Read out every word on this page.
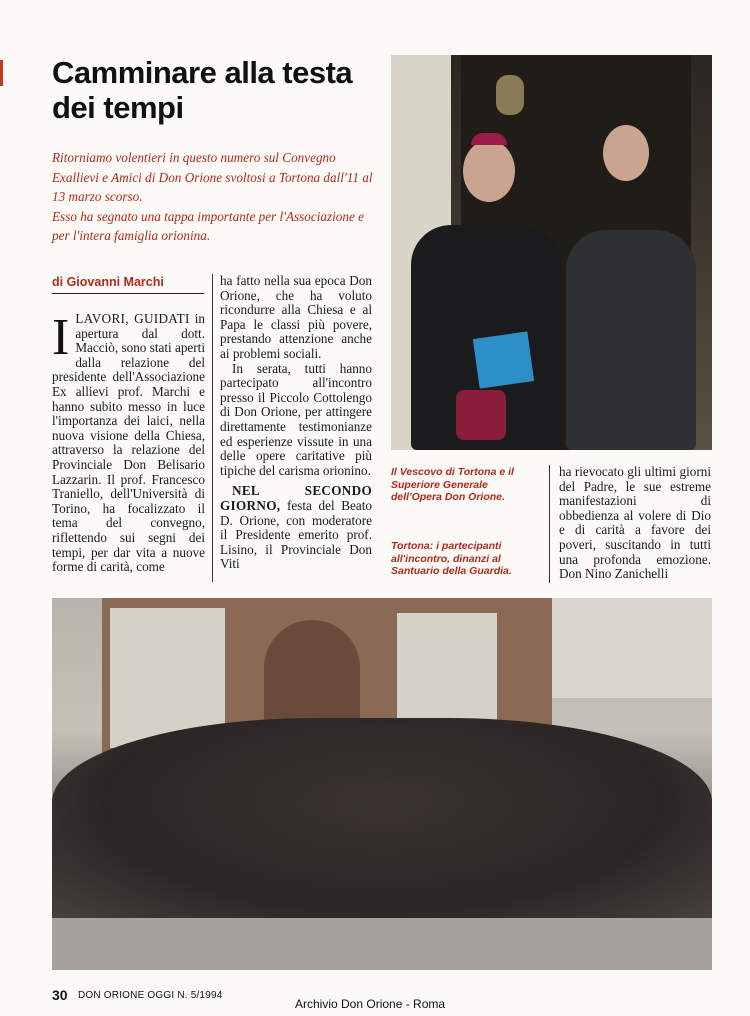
Camminare alla testa dei tempi

Ritorniamo volentieri in questo numero sul Convegno Exallievi e Amici di Don Orione svoltosi a Tortona dall'11 al 13 marzo scorso.

Esso ha segnato una tappa importante per l'Associazione e per l'intera famiglia orionina.

di Giovanni Marchi

ILAVORI, GUIDATI in apertura dal dott. Macciò, sono stati aperti dalla relazione del presidente dell'Associazione Ex allievi prof. Marchi e hanno subito messo in luce l'importanza dei laici, nella nuova visione della Chiesa, attraverso la relazione del Provinciale Don Belisario Lazzarin. Il prof. Francesco Traniello, dell'Università di Torino, ha focalizzato il tema del convegno, riflettendo sui segni dei tempi, per dar vita a nuove forme di carità, come

ha fatto nella sua epoca Don Orione, che ha voluto ricondurre alla Chiesa e al Papa le classi più povere, prestando attenzione anche ai problemi sociali.

In serata, tutti hanno partecipato all'incontro presso il Piccolo Cottolengo di Don Orione, per attingere direttamente testimonianze ed esperienze vissute in una delle opere caritative più tipiche del carisma orionino.

NEL SECONDO GIORNO, festa del Beato D. Orione, con moderatore il Presidente emerito prof. Lisino, il Provinciale Don Viti

Il Vescovo di Tortona e il Superiore Generale dell'Opera Don Orione.
Tortona: i partecipanti all'incontro, dinanzi al Santuario della Guardia.

ha rievocato gli ultimi giorni del Padre, le sue estreme manifestazioni di obbedienza al volere di Dio e di carità a favore dei poveri, suscitando in tutti una profonda emozione. Don Nino Zanichelli

30 DON ORIONE OGGI N. 5/1994
Archivio Don Orione - Roma
